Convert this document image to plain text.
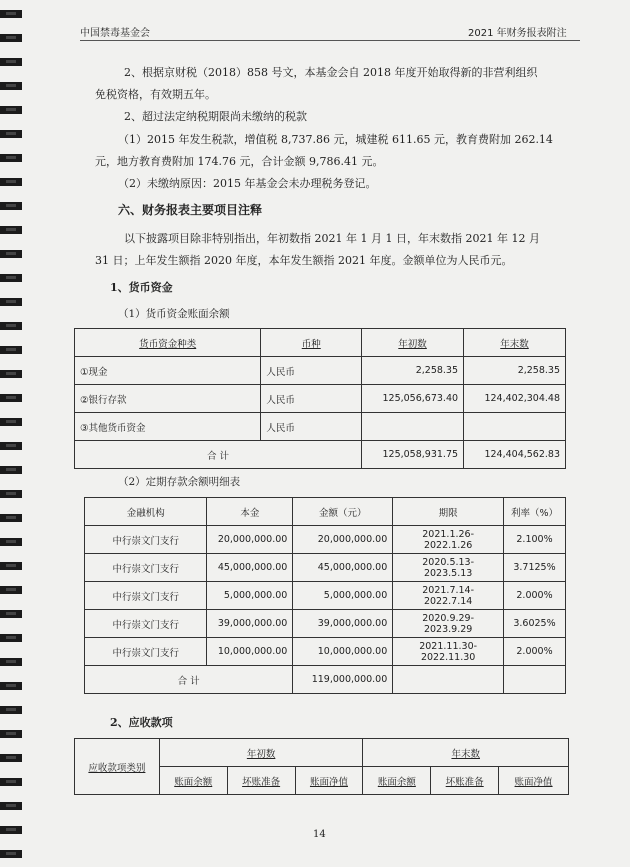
中国禁毒基金会	2021 年财务报表附注
2、根据京财税（2018）858 号文，本基金会自 2018 年度开始取得新的非营利组织
免税资格，有效期五年。
2、超过法定纳税期限尚未缴纳的税款
（1）2015 年发生税款，增值税 8,737.86 元，城建税 611.65 元，教育费附加 262.14
元，地方教育费附加 174.76 元，合计金额 9,786.41 元。
（2）未缴纳原因：2015 年基金会未办理税务登记。
六、财务报表主要项目注释
以下披露项目除非特别指出，年初数指 2021 年 1 月 1 日，年末数指 2021 年 12 月
31 日；上年发生额指 2020 年度，本年发生额指 2021 年度。金额单位为人民币元。
1、货币资金
（1）货币资金账面余额
货币资金种类	币种	年初数	年末数
①现金	人民币	2,258.35	2,258.35
②银行存款	人民币	125,056,673.40	124,402,304.48
③其他货币资金	人民币		
合 计		125,058,931.75	124,404,562.83
（2）定期存款余额明细表
金融机构	本金	金额（元）	期限	利率（%）
中行崇文门支行	20,000,000.00	20,000,000.00	2021.1.26-2022.1.26	2.100%
中行崇文门支行	45,000,000.00	45,000,000.00	2020.5.13-2023.5.13	3.7125%
中行崇文门支行	5,000,000.00	5,000,000.00	2021.7.14-2022.7.14	2.000%
中行崇文门支行	39,000,000.00	39,000,000.00	2020.9.29-2023.9.29	3.6025%
中行崇文门支行	10,000,000.00	10,000,000.00	2021.11.30-2022.11.30	2.000%
合 计		119,000,000.00		
2、应收款项
应收款项类别	年初数			年末数		
	账面余额	坏账准备	账面净值	账面余额	坏账准备	账面净值
14
